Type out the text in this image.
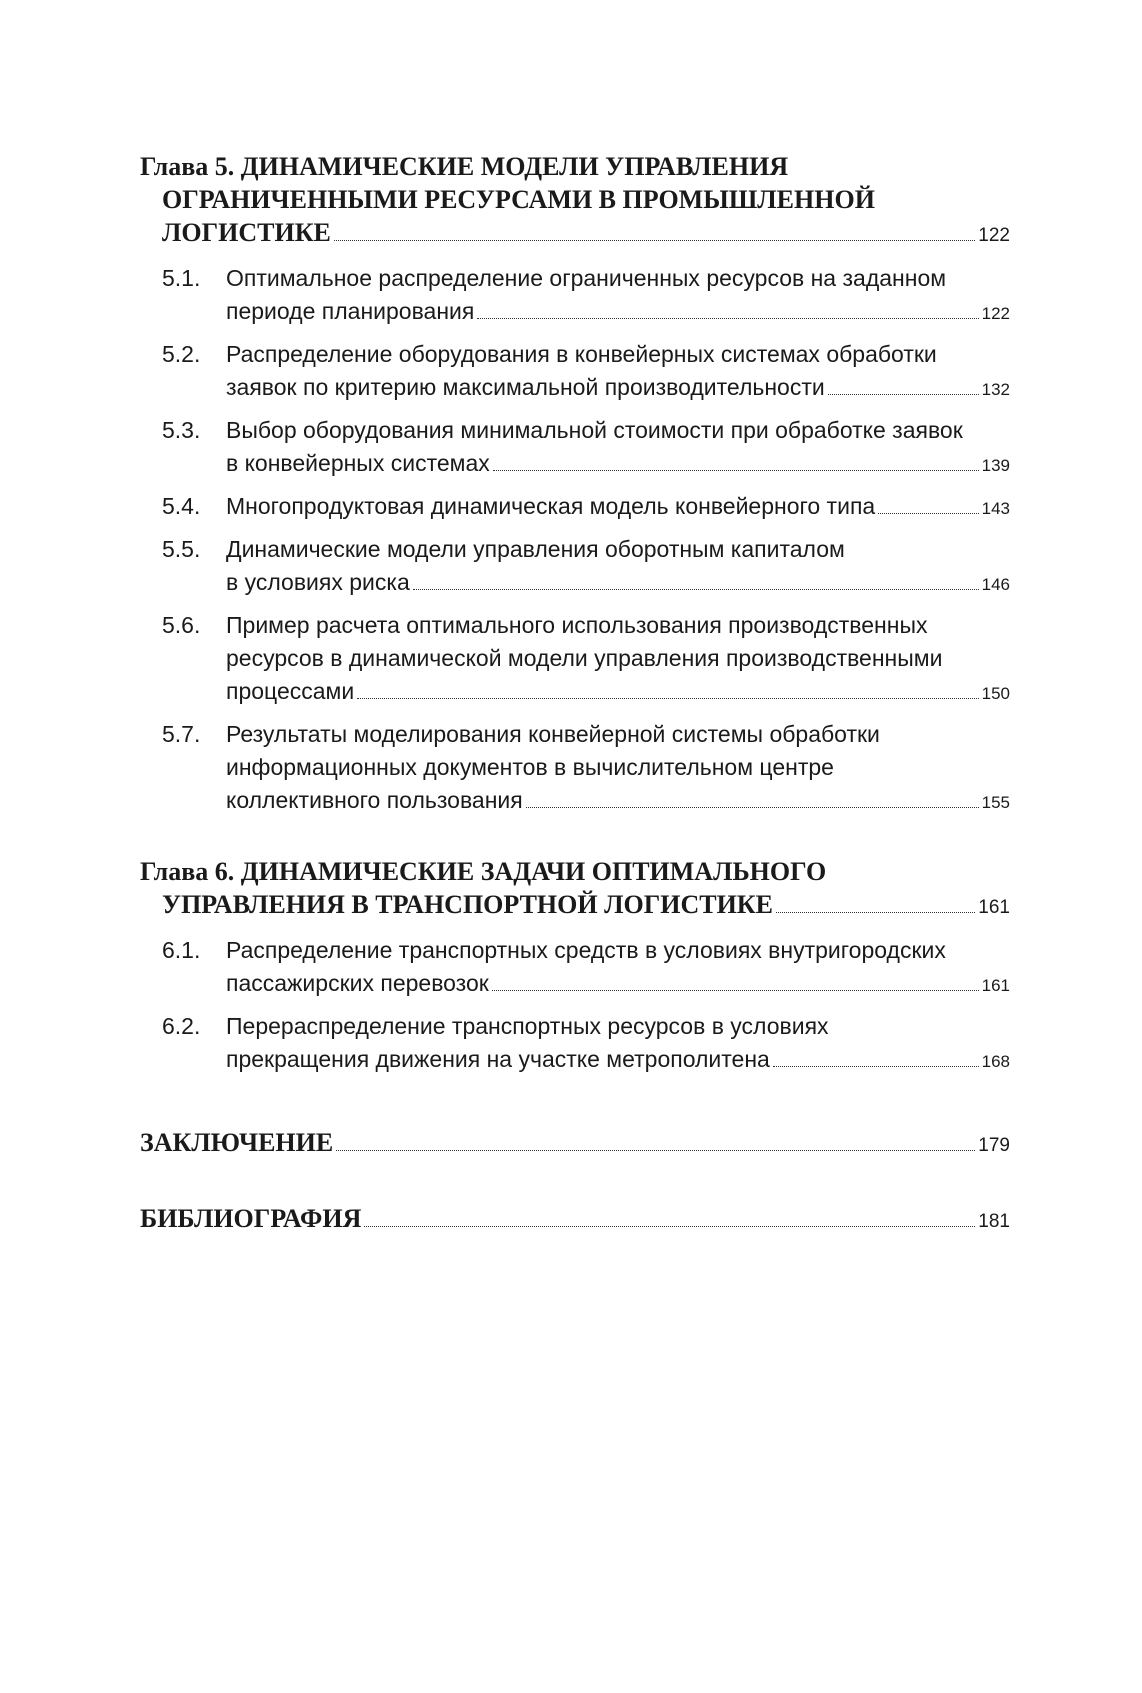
Глава 5. ДИНАМИЧЕСКИЕ МОДЕЛИ УПРАВЛЕНИЯ
ОГРАНИЧЕННЫМИ РЕСУРСАМИ В ПРОМЫШЛЕННОЙ
ЛОГИСТИКЕ	122
5.1.	Оптимальное распределение ограниченных ресурсов на заданном
периоде планирования	122
5.2.	Распределение оборудования в конвейерных системах обработки
заявок по критерию максимальной производительности	132
5.3.	Выбор оборудования минимальной стоимости при обработке заявок
в конвейерных системах	139
5.4.	Многопродуктовая динамическая модель конвейерного типа	143
5.5.	Динамические модели управления оборотным капиталом
в условиях риска	146
5.6.	Пример расчета оптимального использования производственных
ресурсов в динамической модели управления производственными
процессами	150
5.7.	Результаты моделирования конвейерной системы обработки
информационных документов в вычислительном центре
коллективного пользования	155
Глава 6. ДИНАМИЧЕСКИЕ ЗАДАЧИ ОПТИМАЛЬНОГО
УПРАВЛЕНИЯ В ТРАНСПОРТНОЙ ЛОГИСТИКЕ	161
6.1.	Распределение транспортных средств в условиях внутригородских
пассажирских перевозок	161
6.2.	Перераспределение транспортных ресурсов в условиях
прекращения движения на участке метрополитена	168
ЗАКЛЮЧЕНИЕ	179
БИБЛИОГРАФИЯ	181
